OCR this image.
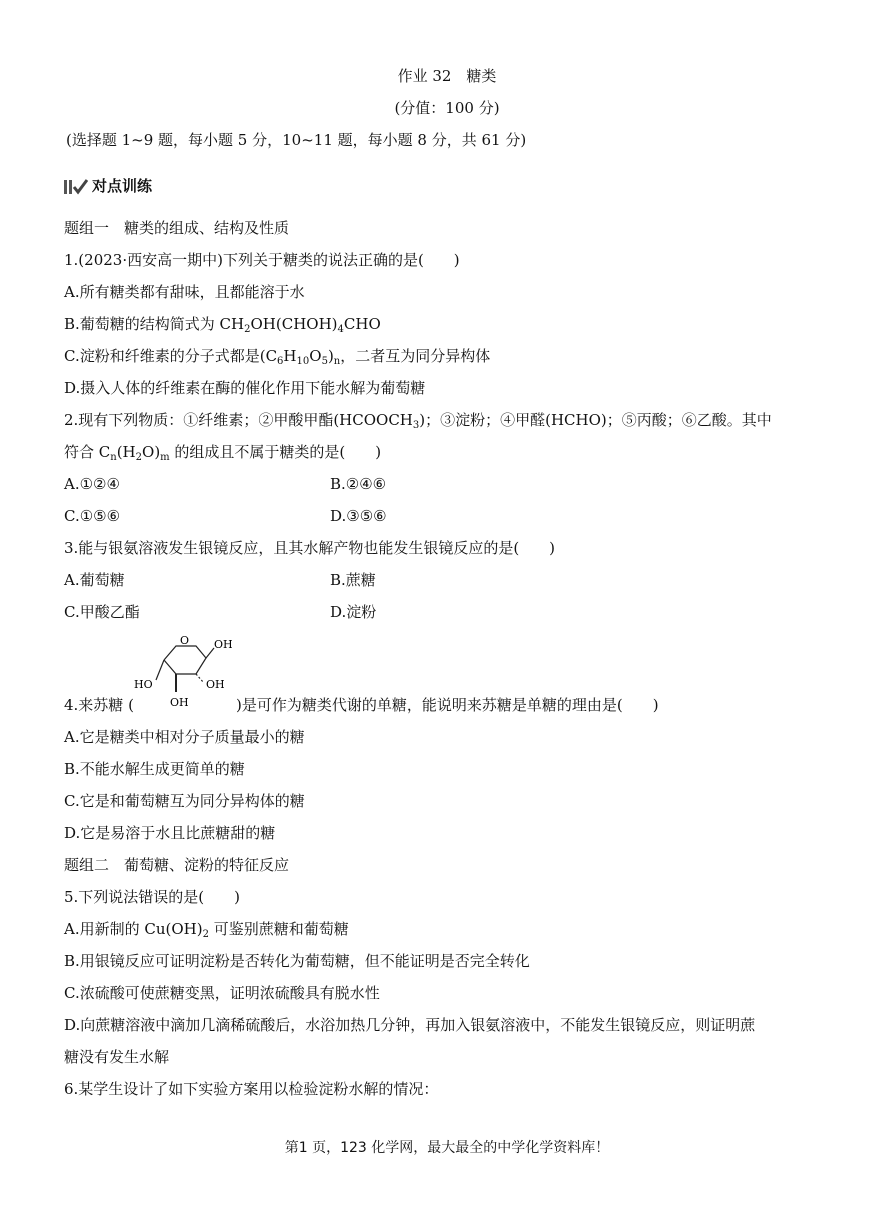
作业 32　糖类
(分值：100 分)
(选择题 1~9 题，每小题 5 分，10~11 题，每小题 8 分，共 61 分)
对点训练
题组一　糖类的组成、结构及性质
1.(2023·西安高一期中)下列关于糖类的说法正确的是(　　)
A.所有糖类都有甜味，且都能溶于水
B.葡萄糖的结构简式为 $CH_2OH(CHOH)_4CHO$
C.淀粉和纤维素的分子式都是$(C_6H_{10}O_5)_n$，二者互为同分异构体
D.摄入人体的纤维素在酶的催化作用下能水解为葡萄糖
2.现有下列物质：①纤维素；②甲酸甲酯$(HCOOCH_3)$；③淀粉；④甲醛(HCHO)；⑤丙酸；⑥乙酸。其中
符合 $C_n(H_2O)_m$ 的组成且不属于糖类的是(　　)
A.①②④	B.②④⑥
C.①⑤⑥	D.③⑤⑥
3.能与银氨溶液发生银镜反应，且其水解产物也能发生银镜反应的是(　　)
A.葡萄糖	B.蔗糖
C.甲酸乙酯	D.淀粉
O OH
OH
OH
HO
4.来苏糖 (	)是可作为糖类代谢的单糖，能说明来苏糖是单糖的理由是(　　)
A.它是糖类中相对分子质量最小的糖
B.不能水解生成更简单的糖
C.它是和葡萄糖互为同分异构体的糖
D.它是易溶于水且比蔗糖甜的糖
题组二　葡萄糖、淀粉的特征反应
5.下列说法错误的是(　　)
A.用新制的 $Cu(OH)_2$ 可鉴别蔗糖和葡萄糖
B.用银镜反应可证明淀粉是否转化为葡萄糖，但不能证明是否完全转化
C.浓硫酸可使蔗糖变黑，证明浓硫酸具有脱水性
D.向蔗糖溶液中滴加几滴稀硫酸后，水浴加热几分钟，再加入银氨溶液中，不能发生银镜反应，则证明蔗
糖没有发生水解
6.某学生设计了如下实验方案用以检验淀粉水解的情况：
第1 页，123 化学网，最大最全的中学化学资料库！
